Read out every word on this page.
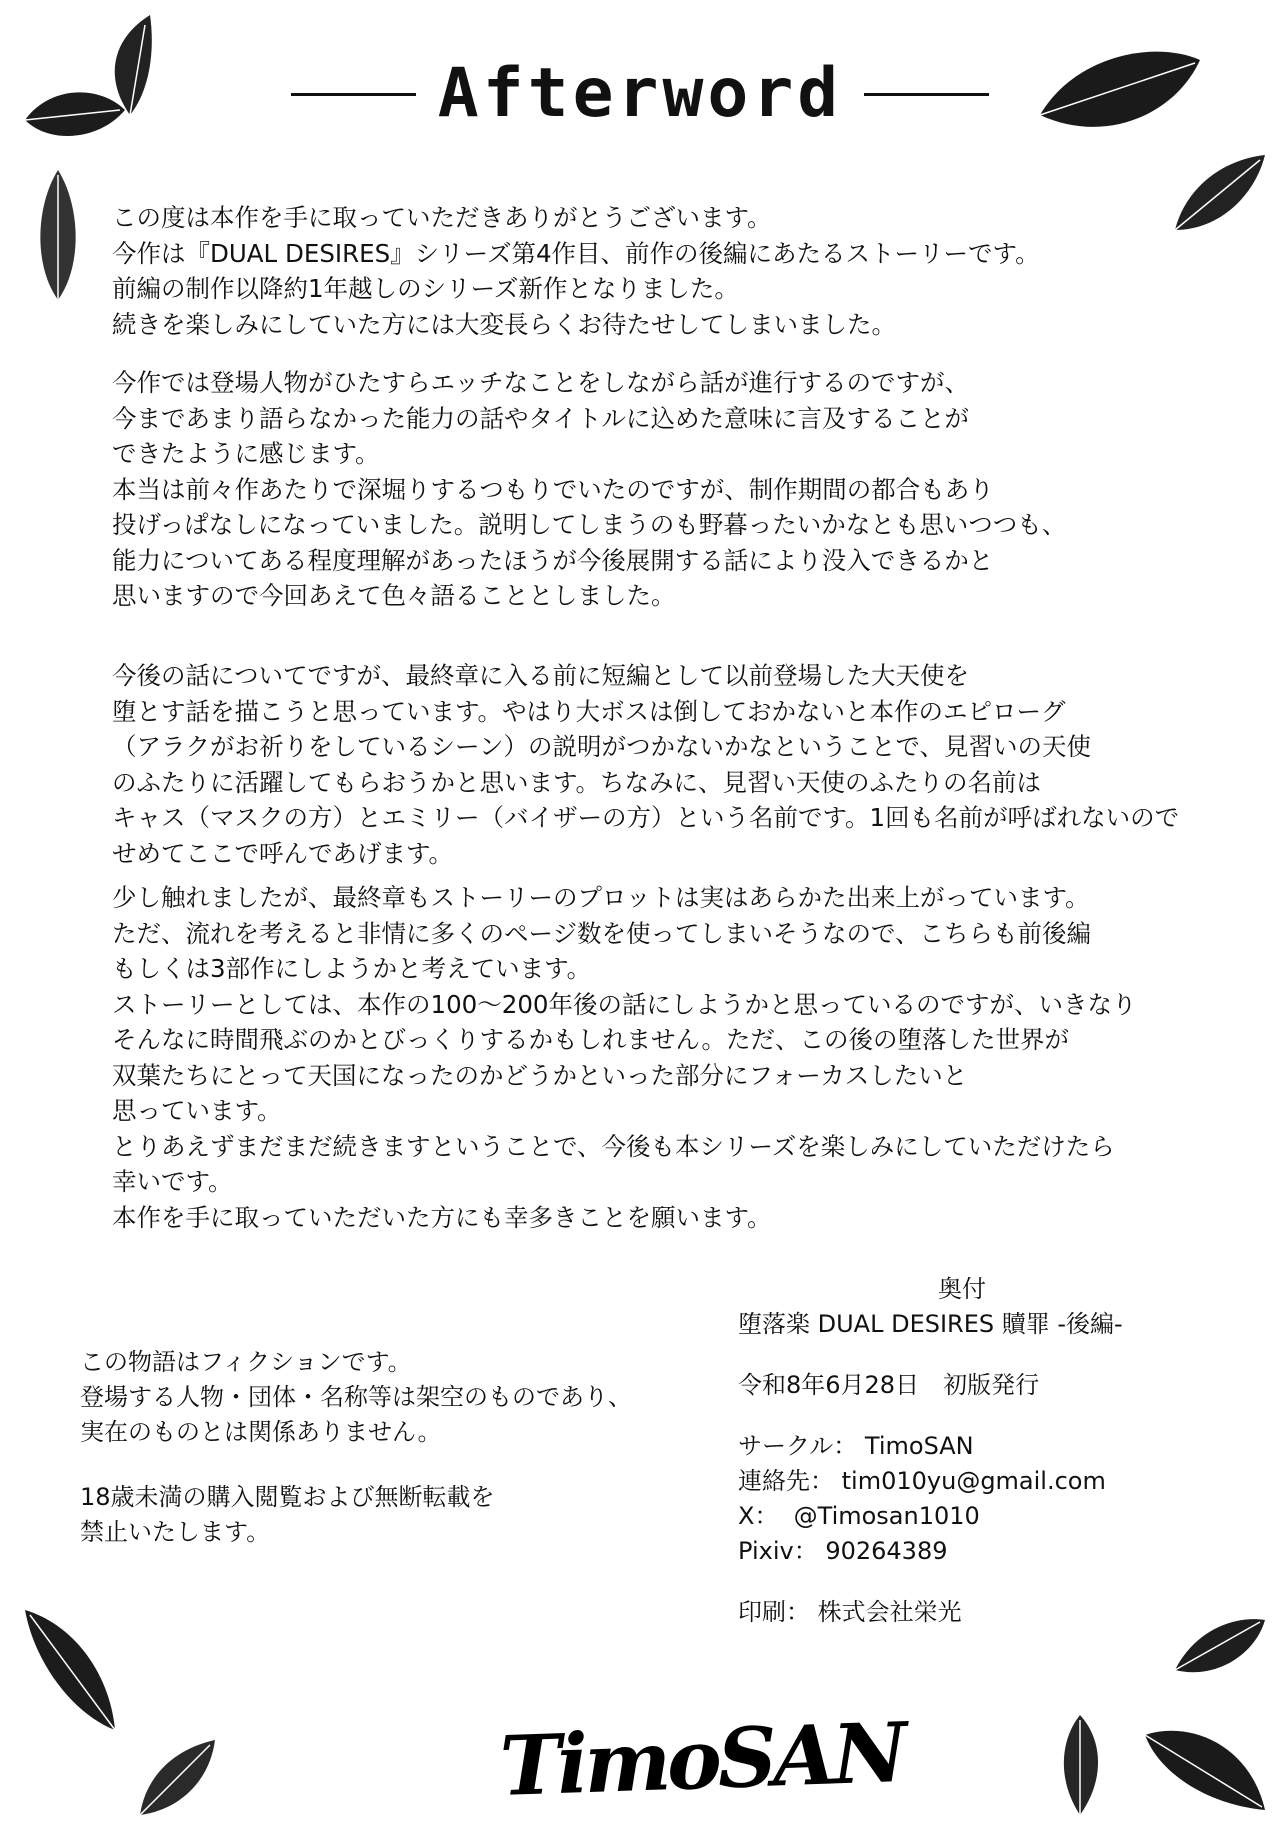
Afterword
この度は本作を手に取っていただきありがとうございます。
今作は『DUAL DESIRES』シリーズ第4作目、前作の後編にあたるストーリーです。
前編の制作以降約1年越しのシリーズ新作となりました。
続きを楽しみにしていた方には大変長らくお待たせしてしまいました。
今作では登場人物がひたすらエッチなことをしながら話が進行するのですが、
今まであまり語らなかった能力の話やタイトルに込めた意味に言及することが
できたように感じます。
本当は前々作あたりで深堀りするつもりでいたのですが、制作期間の都合もあり
投げっぱなしになっていました。説明してしまうのも野暮ったいかなとも思いつつも、
能力についてある程度理解があったほうが今後展開する話により没入できるかと
思いますので今回あえて色々語ることとしました。
今後の話についてですが、最終章に入る前に短編として以前登場した大天使を
堕とす話を描こうと思っています。やはり大ボスは倒しておかないと本作のエピローグ
（アラクがお祈りをしているシーン）の説明がつかないかなということで、見習いの天使
のふたりに活躍してもらおうかと思います。ちなみに、見習い天使のふたりの名前は
キャス（マスクの方）とエミリー（バイザーの方）という名前です。1回も名前が呼ばれないので
せめてここで呼んであげます。
少し触れましたが、最終章もストーリーのプロットは実はあらかた出来上がっています。
ただ、流れを考えると非情に多くのページ数を使ってしまいそうなので、こちらも前後編
もしくは3部作にしようかと考えています。
ストーリーとしては、本作の100〜200年後の話にしようかと思っているのですが、いきなり
そんなに時間飛ぶのかとびっくりするかもしれません。ただ、この後の堕落した世界が
双葉たちにとって天国になったのかどうかといった部分にフォーカスしたいと
思っています。
とりあえずまだまだ続きますということで、今後も本シリーズを楽しみにしていただけたら
幸いです。
本作を手に取っていただいた方にも幸多きことを願います。
この物語はフィクションです。
登場する人物・団体・名称等は架空のものであり、
実在のものとは関係ありません。
18歳未満の購入閲覧および無断転載を
禁止いたします。
奥付
堕落楽 DUAL DESIRES 贖罪 -後編-
令和8年6月28日　初版発行
サークル： TimoSAN
連絡先： tim010yu@gmail.com
X： @Timosan1010
Pixiv： 90264389
印刷： 株式会社栄光
TimoSAN
